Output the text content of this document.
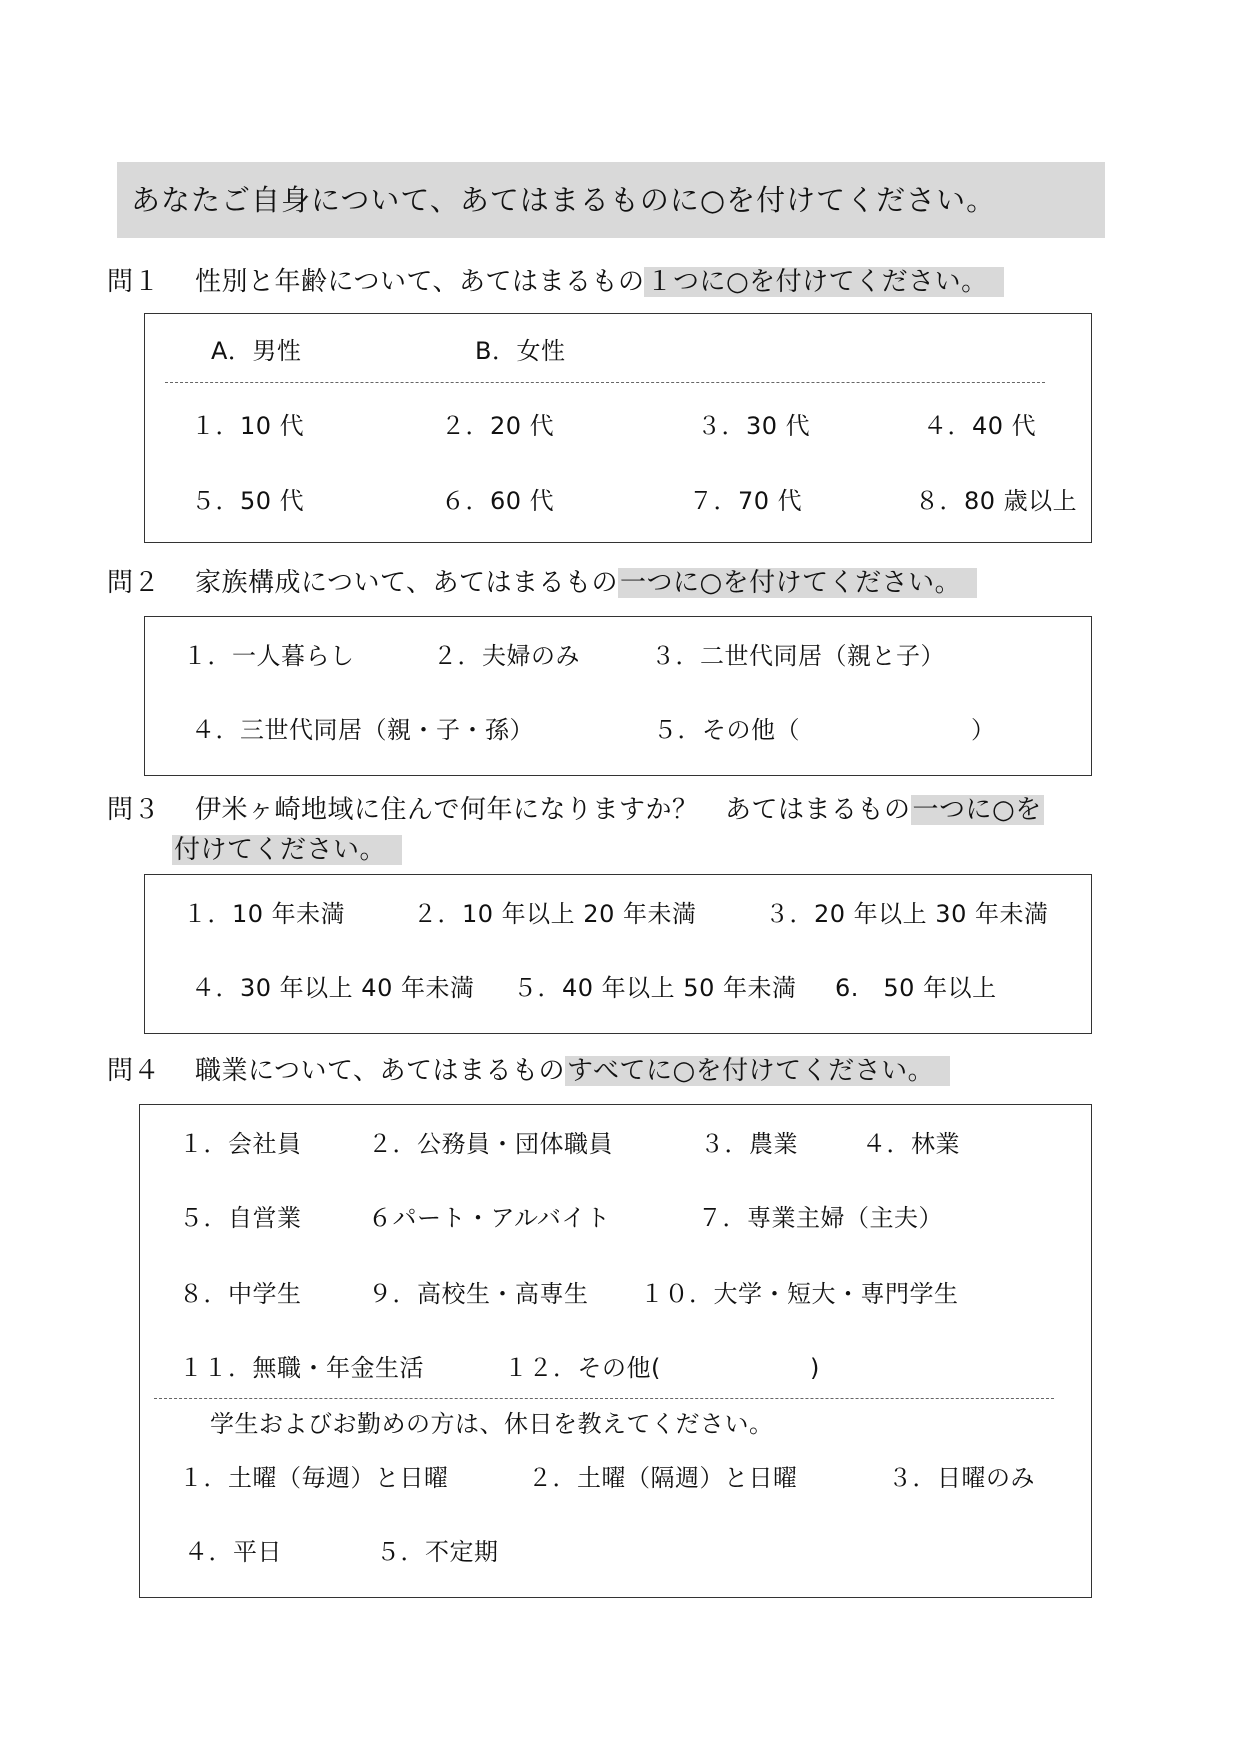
あなたご自身について、あてはまるものに○を付けてください。
問１ 性別と年齢について、あてはまるもの１つに○を付けてください。
A．男性	B．女性
１．10 代	２．20 代	３．30 代	４．40 代
５．50 代	６．60 代	７．70 代	８．80 歳以上
問２ 家族構成について、あてはまるもの一つに○を付けてください。
１．一人暮らし	２．夫婦のみ	３．二世代同居（親と子）
４．三世代同居（親・子・孫）	５．その他（	）
問３ 伊米ヶ崎地域に住んで何年になりますか？　あてはまるもの一つに○を
付けてください。
１．10 年未満	２．10 年以上 20 年未満	３．20 年以上 30 年未満
４．30 年以上 40 年未満 ５．40 年以上 50 年未満 6.　50 年以上
問４ 職業について、あてはまるものすべてに○を付けてください。
１．会社員	２．公務員・団体職員	３．農業	４．林業
５．自営業	６パート・アルバイト	７．専業主婦（主夫）
８．中学生	９．高校生・高専生 １０．大学・短大・専門学生
１１．無職・年金生活	１２．その他(	)
学生およびお勤めの方は、休日を教えてください。
１．土曜（毎週）と日曜	２．土曜（隔週）と日曜	３．日曜のみ
４．平日	５．不定期
